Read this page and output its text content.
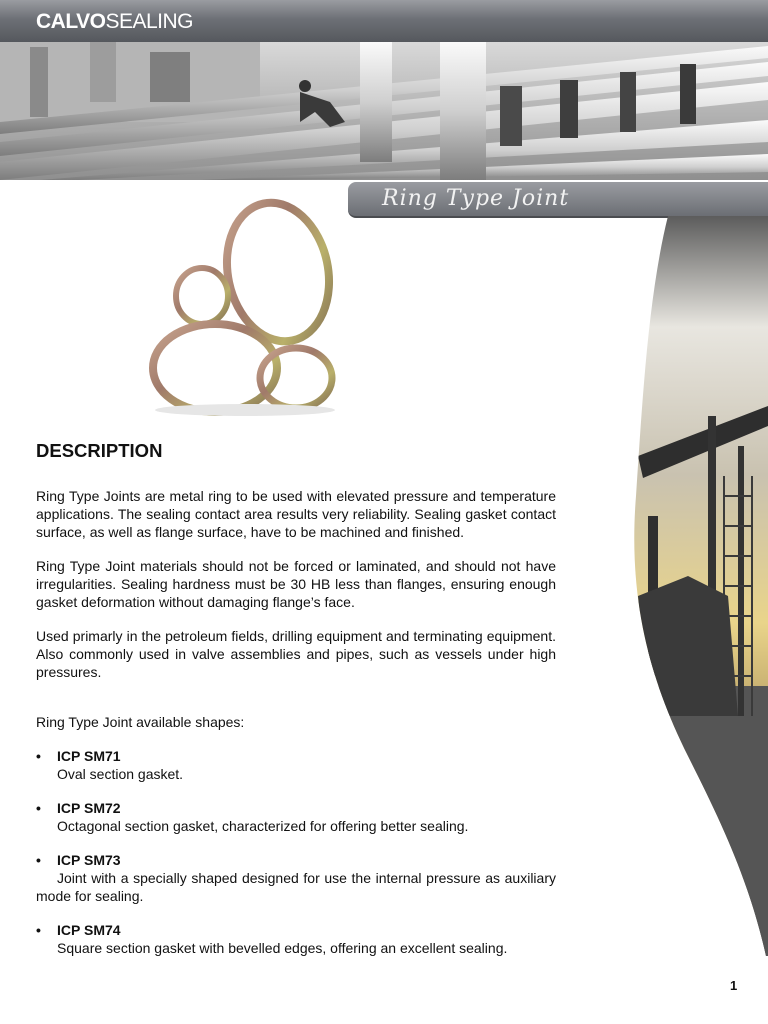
CALVOSEALING
Ring Type Joint
DESCRIPTION

Ring Type Joints are metal ring to be used with elevated pressure and temperature applications. The sealing contact area results very reliability. Sealing gasket contact surface, as well as flange surface, have to be machined and finished.

Ring Type Joint materials should not be forced or laminated, and should not have irregularities. Sealing hardness must be 30 HB less than flanges, ensuring enough gasket deformation without damaging flange’s face.

Used primarly in the petroleum fields, drilling equipment and terminating equipment. Also commonly used in valve assemblies and pipes, such as vessels under high pressures.

Ring Type Joint available shapes:

• ICP SM71
Oval section gasket.
• ICP SM72
Octagonal section gasket, characterized for offering better sealing.
• ICP SM73
Joint with a specially shaped designed for use the internal pressure as auxiliary mode for sealing.
• ICP SM74
Square section gasket with bevelled edges, offering an excellent sealing.
1
